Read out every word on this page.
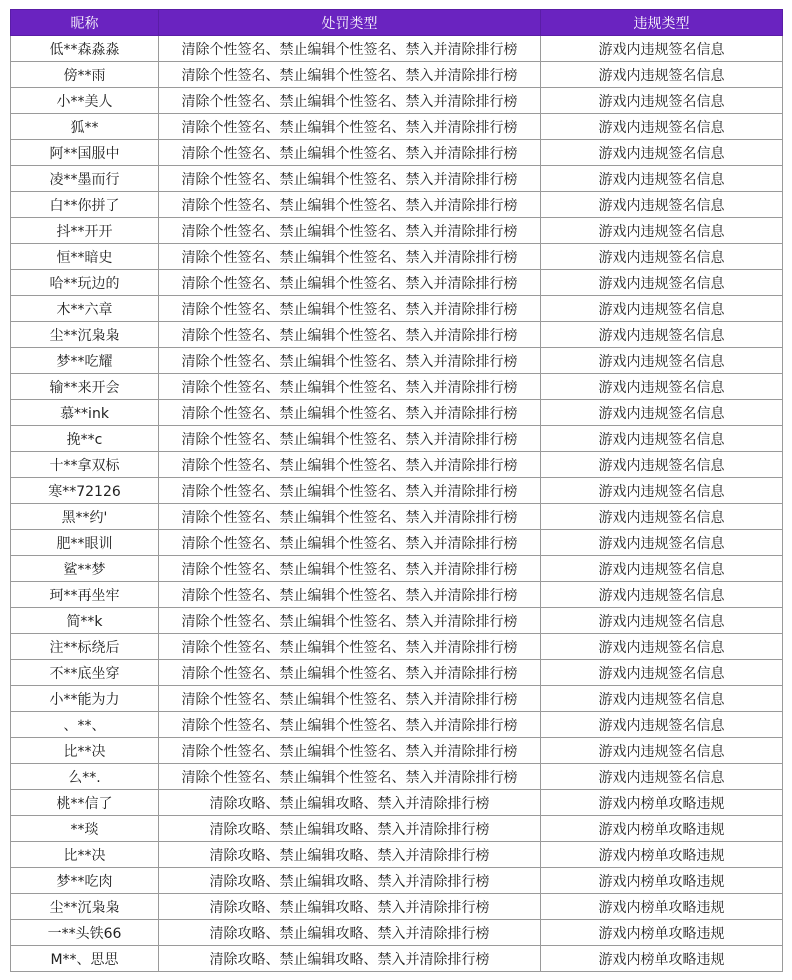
昵称	处罚类型	违规类型
低**森淼淼	清除个性签名、禁止编辑个性签名、禁入并清除排行榜	游戏内违规签名信息
傍**雨	清除个性签名、禁止编辑个性签名、禁入并清除排行榜	游戏内违规签名信息
小**美人	清除个性签名、禁止编辑个性签名、禁入并清除排行榜	游戏内违规签名信息
狐**	清除个性签名、禁止编辑个性签名、禁入并清除排行榜	游戏内违规签名信息
阿**国服中	清除个性签名、禁止编辑个性签名、禁入并清除排行榜	游戏内违规签名信息
凌**墨而行	清除个性签名、禁止编辑个性签名、禁入并清除排行榜	游戏内违规签名信息
白**你拼了	清除个性签名、禁止编辑个性签名、禁入并清除排行榜	游戏内违规签名信息
抖**开开	清除个性签名、禁止编辑个性签名、禁入并清除排行榜	游戏内违规签名信息
恒**暗史	清除个性签名、禁止编辑个性签名、禁入并清除排行榜	游戏内违规签名信息
哈**玩边的	清除个性签名、禁止编辑个性签名、禁入并清除排行榜	游戏内违规签名信息
木**六章	清除个性签名、禁止编辑个性签名、禁入并清除排行榜	游戏内违规签名信息
尘**沉枭枭	清除个性签名、禁止编辑个性签名、禁入并清除排行榜	游戏内违规签名信息
梦**吃耀	清除个性签名、禁止编辑个性签名、禁入并清除排行榜	游戏内违规签名信息
输**来开会	清除个性签名、禁止编辑个性签名、禁入并清除排行榜	游戏内违规签名信息
慕**ink	清除个性签名、禁止编辑个性签名、禁入并清除排行榜	游戏内违规签名信息
挽**c	清除个性签名、禁止编辑个性签名、禁入并清除排行榜	游戏内违规签名信息
十**拿双标	清除个性签名、禁止编辑个性签名、禁入并清除排行榜	游戏内违规签名信息
寒**72126	清除个性签名、禁止编辑个性签名、禁入并清除排行榜	游戏内违规签名信息
黑**约'	清除个性签名、禁止编辑个性签名、禁入并清除排行榜	游戏内违规签名信息
肥**眼训	清除个性签名、禁止编辑个性签名、禁入并清除排行榜	游戏内违规签名信息
鲨**梦	清除个性签名、禁止编辑个性签名、禁入并清除排行榜	游戏内违规签名信息
珂**再坐牢	清除个性签名、禁止编辑个性签名、禁入并清除排行榜	游戏内违规签名信息
简**k	清除个性签名、禁止编辑个性签名、禁入并清除排行榜	游戏内违规签名信息
注**标绕后	清除个性签名、禁止编辑个性签名、禁入并清除排行榜	游戏内违规签名信息
不**底坐穿	清除个性签名、禁止编辑个性签名、禁入并清除排行榜	游戏内违规签名信息
小**能为力	清除个性签名、禁止编辑个性签名、禁入并清除排行榜	游戏内违规签名信息
、**、	清除个性签名、禁止编辑个性签名、禁入并清除排行榜	游戏内违规签名信息
比**决	清除个性签名、禁止编辑个性签名、禁入并清除排行榜	游戏内违规签名信息
么**.	清除个性签名、禁止编辑个性签名、禁入并清除排行榜	游戏内违规签名信息
桃**信了	清除攻略、禁止编辑攻略、禁入并清除排行榜	游戏内榜单攻略违规
**琰	清除攻略、禁止编辑攻略、禁入并清除排行榜	游戏内榜单攻略违规
比**决	清除攻略、禁止编辑攻略、禁入并清除排行榜	游戏内榜单攻略违规
梦**吃肉	清除攻略、禁止编辑攻略、禁入并清除排行榜	游戏内榜单攻略违规
尘**沉枭枭	清除攻略、禁止编辑攻略、禁入并清除排行榜	游戏内榜单攻略违规
一**头铁66	清除攻略、禁止编辑攻略、禁入并清除排行榜	游戏内榜单攻略违规
M**、思思	清除攻略、禁止编辑攻略、禁入并清除排行榜	游戏内榜单攻略违规
